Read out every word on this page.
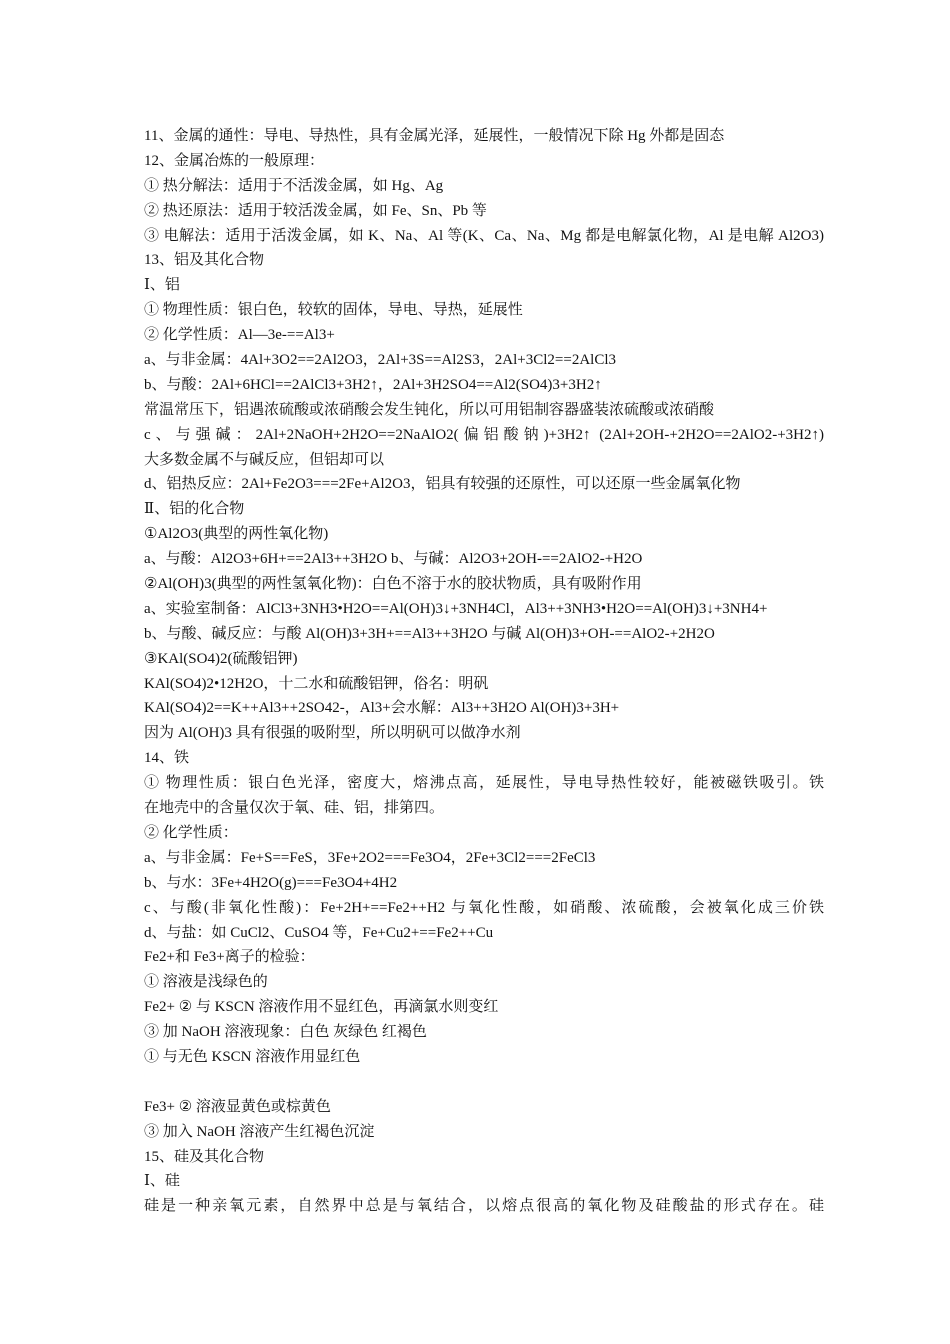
11、金属的通性：导电、导热性，具有金属光泽，延展性，一般情况下除 Hg 外都是固态
12、金属冶炼的一般原理：
① 热分解法：适用于不活泼金属，如 Hg、Ag
② 热还原法：适用于较活泼金属，如 Fe、Sn、Pb 等
③ 电解法：适用于活泼金属，如 K、Na、Al 等(K、Ca、Na、Mg 都是电解氯化物，Al 是电解 Al2O3)
13、铝及其化合物
Ⅰ、铝
① 物理性质：银白色，较软的固体，导电、导热，延展性
② 化学性质：Al—3e-==Al3+
a、与非金属：4Al+3O2==2Al2O3，2Al+3S==Al2S3，2Al+3Cl2==2AlCl3
b、与酸：2Al+6HCl==2AlCl3+3H2↑，2Al+3H2SO4==Al2(SO4)3+3H2↑
常温常压下，铝遇浓硫酸或浓硝酸会发生钝化，所以可用铝制容器盛装浓硫酸或浓硝酸
c、与强碱：2Al+2NaOH+2H2O==2NaAlO2(偏铝酸钠)+3H2↑ (2Al+2OH-+2H2O==2AlO2-+3H2↑)
大多数金属不与碱反应，但铝却可以
d、铝热反应：2Al+Fe2O3===2Fe+Al2O3，铝具有较强的还原性，可以还原一些金属氧化物
Ⅱ、铝的化合物
①Al2O3(典型的两性氧化物)
a、与酸：Al2O3+6H+==2Al3++3H2O b、与碱：Al2O3+2OH-==2AlO2-+H2O
②Al(OH)3(典型的两性氢氧化物)：白色不溶于水的胶状物质，具有吸附作用
a、实验室制备：AlCl3+3NH3•H2O==Al(OH)3↓+3NH4Cl，Al3++3NH3•H2O==Al(OH)3↓+3NH4+
b、与酸、碱反应：与酸 Al(OH)3+3H+==Al3++3H2O 与碱 Al(OH)3+OH-==AlO2-+2H2O
③KAl(SO4)2(硫酸铝钾)
KAl(SO4)2•12H2O，十二水和硫酸铝钾，俗名：明矾
KAl(SO4)2==K++Al3++2SO42-，Al3+会水解：Al3++3H2O Al(OH)3+3H+
因为 Al(OH)3 具有很强的吸附型，所以明矾可以做净水剂
14、铁
① 物理性质：银白色光泽，密度大，熔沸点高，延展性，导电导热性较好，能被磁铁吸引。铁
在地壳中的含量仅次于氧、硅、铝，排第四。
② 化学性质：
a、与非金属：Fe+S==FeS，3Fe+2O2===Fe3O4，2Fe+3Cl2===2FeCl3
b、与水：3Fe+4H2O(g)===Fe3O4+4H2
c、与酸(非氧化性酸)：Fe+2H+==Fe2++H2 与氧化性酸，如硝酸、浓硫酸，会被氧化成三价铁
d、与盐：如 CuCl2、CuSO4 等，Fe+Cu2+==Fe2++Cu
Fe2+和 Fe3+离子的检验：
① 溶液是浅绿色的
Fe2+ ② 与 KSCN 溶液作用不显红色，再滴氯水则变红
③ 加 NaOH 溶液现象：白色 灰绿色 红褐色
① 与无色 KSCN 溶液作用显红色
Fe3+ ② 溶液显黄色或棕黄色
③ 加入 NaOH 溶液产生红褐色沉淀
15、硅及其化合物
Ⅰ、硅
硅是一种亲氧元素，自然界中总是与氧结合，以熔点很高的氧化物及硅酸盐的形式存在。硅
